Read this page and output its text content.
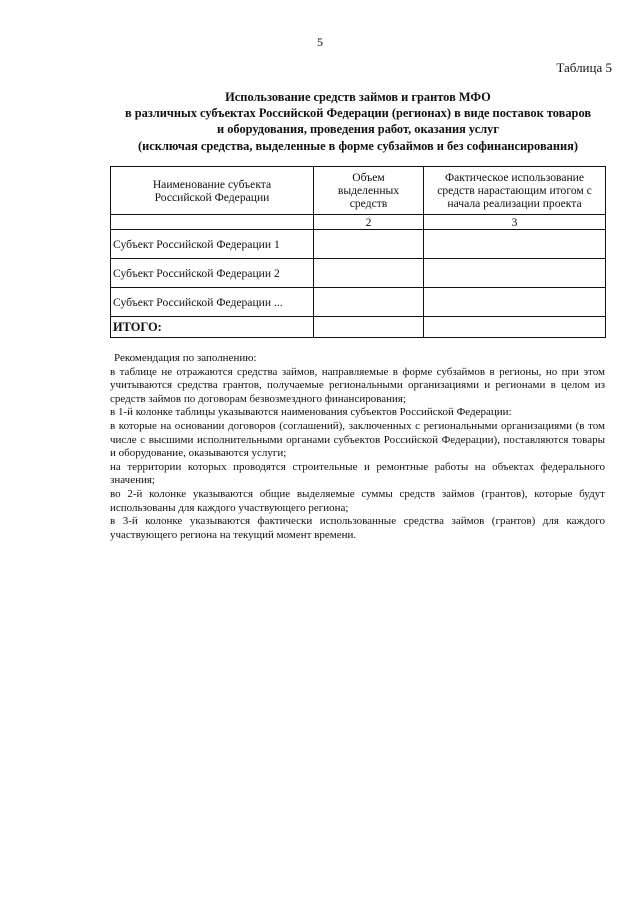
5
Таблица 5
Использование средств займов и грантов МФО
в различных субъектах Российской Федерации (регионах) в виде поставок товаров
и оборудования, проведения работ, оказания услуг
(исключая средства, выделенные в форме субзаймов и без софинансирования)
Наименование субъекта Российской Федерации	Объем выделенных средств	Фактическое использование средств нарастающим итогом с начала реализации проекта

	2	3
Субъект Российской Федерации 1		
Субъект Российской Федерации 2		
Субъект Российской Федерации ...		
ИТОГО:		

Рекомендация по заполнению:

в таблице не отражаются средства займов, направляемые в форме субзаймов в регионы, но при этом учитываются средства грантов, получаемые региональными организациями и регионами в целом из средств займов по договорам безвозмездного финансирования;

в 1-й колонке таблицы указываются наименования субъектов Российской Федерации:

в которые на основании договоров (соглашений), заключенных с региональными организациями (в том числе с высшими исполнительными органами субъектов Российской Федерации), поставляются товары и оборудование, оказываются услуги;

на территории которых проводятся строительные и ремонтные работы на объектах федерального значения;

во 2-й колонке указываются общие выделяемые суммы средств займов (грантов), которые будут использованы для каждого участвующего региона;

в 3-й колонке указываются фактически использованные средства займов (грантов) для каждого участвующего региона на текущий момент времени.
